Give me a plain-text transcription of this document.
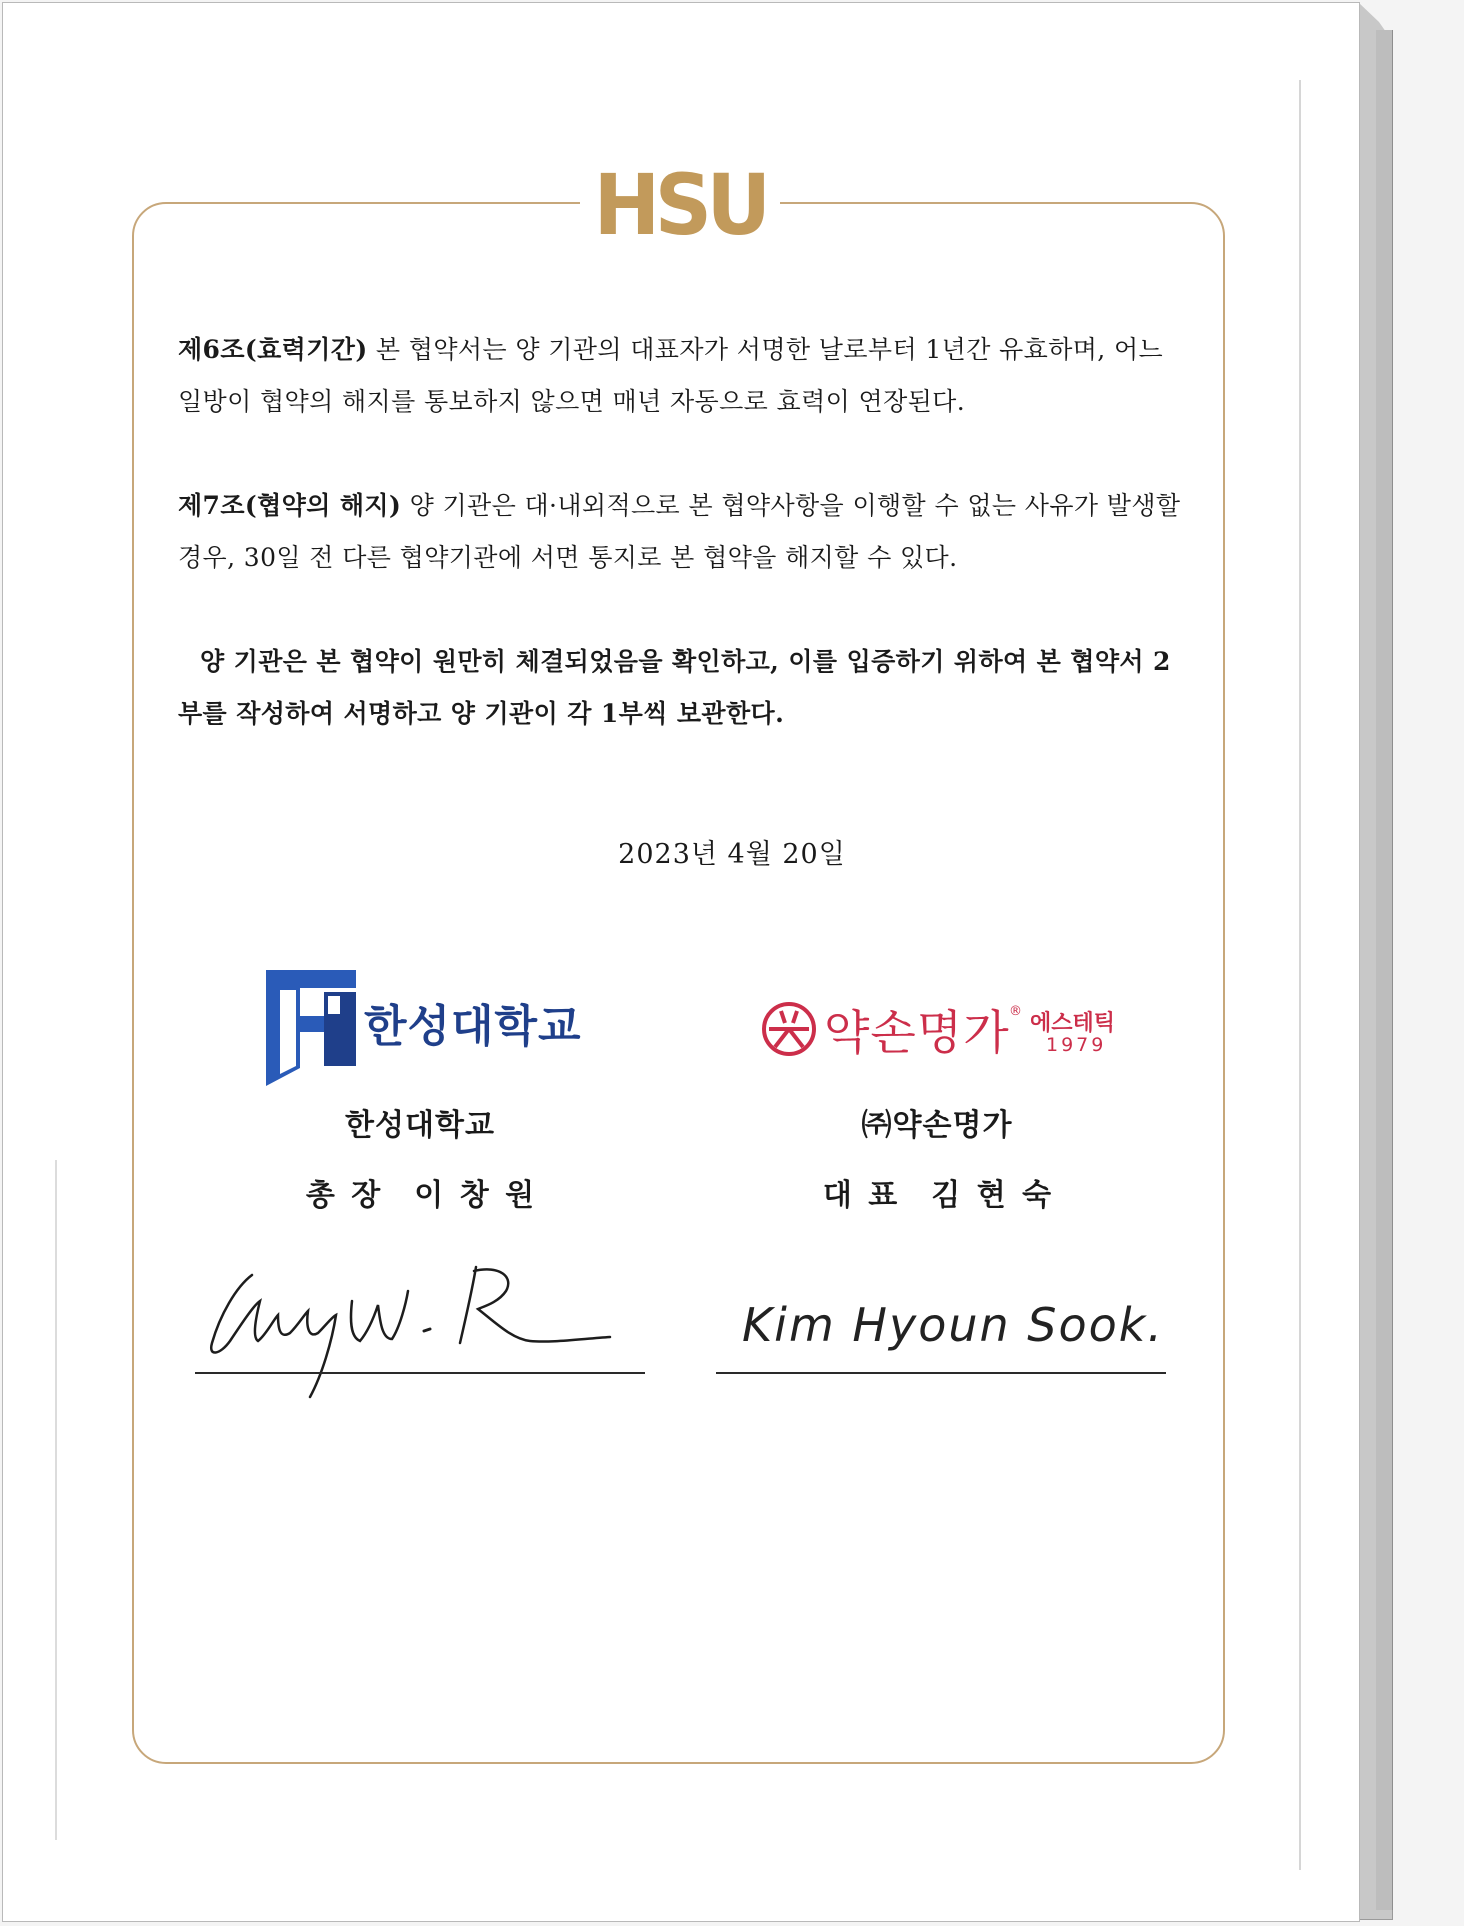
HSU

제6조(효력기간) 본 협약서는 양 기관의 대표자가 서명한 날로부터 1년간 유효하며, 어느 일방이 협약의 해지를 통보하지 않으면 매년 자동으로 효력이 연장된다.

제7조(협약의 해지) 양 기관은 대·내외적으로 본 협약사항을 이행할 수 없는 사유가 발생할 경우, 30일 전 다른 협약기관에 서면 통지로 본 협약을 해지할 수 있다.

양 기관은 본 협약이 원만히 체결되었음을 확인하고, 이를 입증하기 위하여 본 협약서 2부를 작성하여 서명하고 양 기관이 각 1부씩 보관한다.

2023년 4월 20일
한성대학교	약손명가 ® 에스테틱
1979
한성대학교
총 장 이 창 원
㈜약손명가
대 표 김 현 숙
Kim Hyoun Sook.
